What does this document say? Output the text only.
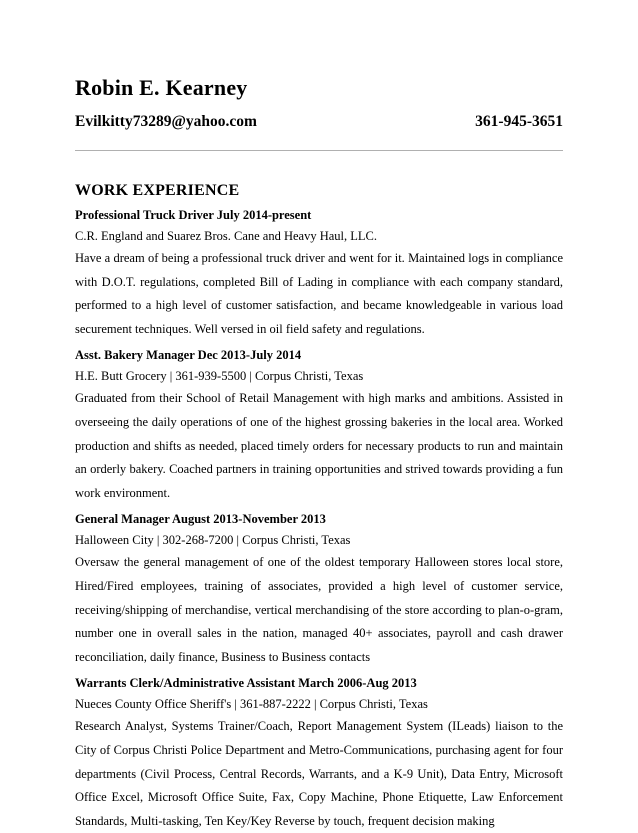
Robin E. Kearney
Evilkitty73289@yahoo.com	361-945-3651
WORK EXPERIENCE
Professional Truck Driver July 2014-present
C.R. England and Suarez Bros. Cane and Heavy Haul, LLC.

Have a dream of being a professional truck driver and went for it. Maintained logs in compliance with D.O.T. regulations, completed Bill of Lading in compliance with each company standard, performed to a high level of customer satisfaction, and became knowledgeable in various load securement techniques. Well versed in oil field safety and regulations.

Asst. Bakery Manager Dec 2013-July 2014
H.E. Butt Grocery | 361-939-5500 | Corpus Christi, Texas

Graduated from their School of Retail Management with high marks and ambitions. Assisted in overseeing the daily operations of one of the highest grossing bakeries in the local area. Worked production and shifts as needed, placed timely orders for necessary products to run and maintain an orderly bakery. Coached partners in training opportunities and strived towards providing a fun work environment.

General Manager August 2013-November 2013
Halloween City | 302-268-7200 | Corpus Christi, Texas

Oversaw the general management of one of the oldest temporary Halloween stores local store, Hired/Fired employees, training of associates, provided a high level of customer service, receiving/shipping of merchandise, vertical merchandising of the store according to plan-o-gram, number one in overall sales in the nation, managed 40+ associates, payroll and cash drawer reconciliation, daily finance, Business to Business contacts

Warrants Clerk/Administrative Assistant March 2006-Aug 2013
Nueces County Office Sheriff's | 361-887-2222 | Corpus Christi, Texas

Research Analyst, Systems Trainer/Coach, Report Management System (ILeads) liaison to the City of Corpus Christi Police Department and Metro-Communications, purchasing agent for four departments (Civil Process, Central Records, Warrants, and a K-9 Unit), Data Entry, Microsoft Office Excel, Microsoft Office Suite, Fax, Copy Machine, Phone Etiquette, Law Enforcement Standards, Multi-tasking, Ten Key/Key Reverse by touch, frequent decision making
